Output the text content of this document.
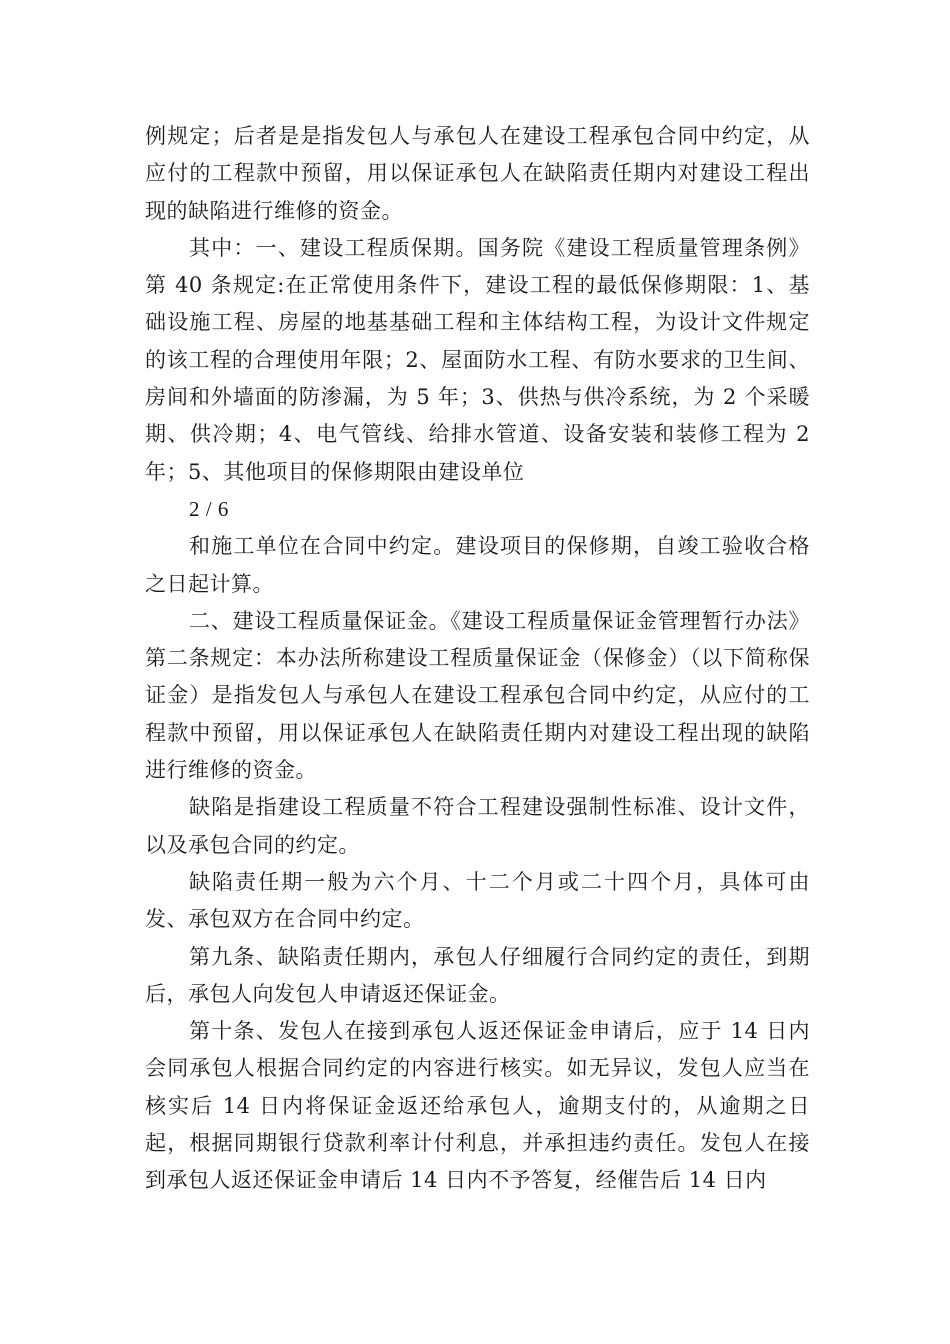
例规定；后者是是指发包人与承包人在建设工程承包合同中约定，从应付的工程款中预留，用以保证承包人在缺陷责任期内对建设工程出现的缺陷进行维修的资金。

其中：一、建设工程质保期。国务院《建设工程质量管理条例》第 40 条规定:在正常使用条件下，建设工程的最低保修期限：1、基础设施工程、房屋的地基基础工程和主体结构工程，为设计文件规定的该工程的合理使用年限；2、屋面防水工程、有防水要求的卫生间、房间和外墙面的防渗漏，为 5 年；3、供热与供冷系统，为 2 个采暖期、供冷期；4、电气管线、给排水管道、设备安装和装修工程为 2 年；5、其他项目的保修期限由建设单位

2 / 6

和施工单位在合同中约定。建设项目的保修期，自竣工验收合格之日起计算。

二、建设工程质量保证金。《建设工程质量保证金管理暂行办法》第二条规定：本办法所称建设工程质量保证金（保修金）（以下简称保证金）是指发包人与承包人在建设工程承包合同中约定，从应付的工程款中预留，用以保证承包人在缺陷责任期内对建设工程出现的缺陷进行维修的资金。

缺陷是指建设工程质量不符合工程建设强制性标准、设计文件，以及承包合同的约定。

缺陷责任期一般为六个月、十二个月或二十四个月，具体可由发、承包双方在合同中约定。

第九条、缺陷责任期内，承包人仔细履行合同约定的责任，到期后，承包人向发包人申请返还保证金。

第十条、发包人在接到承包人返还保证金申请后，应于 14 日内会同承包人根据合同约定的内容进行核实。如无异议，发包人应当在核实后 14 日内将保证金返还给承包人，逾期支付的，从逾期之日起，根据同期银行贷款利率计付利息，并承担违约责任。发包人在接到承包人返还保证金申请后 14 日内不予答复，经催告后 14 日内
